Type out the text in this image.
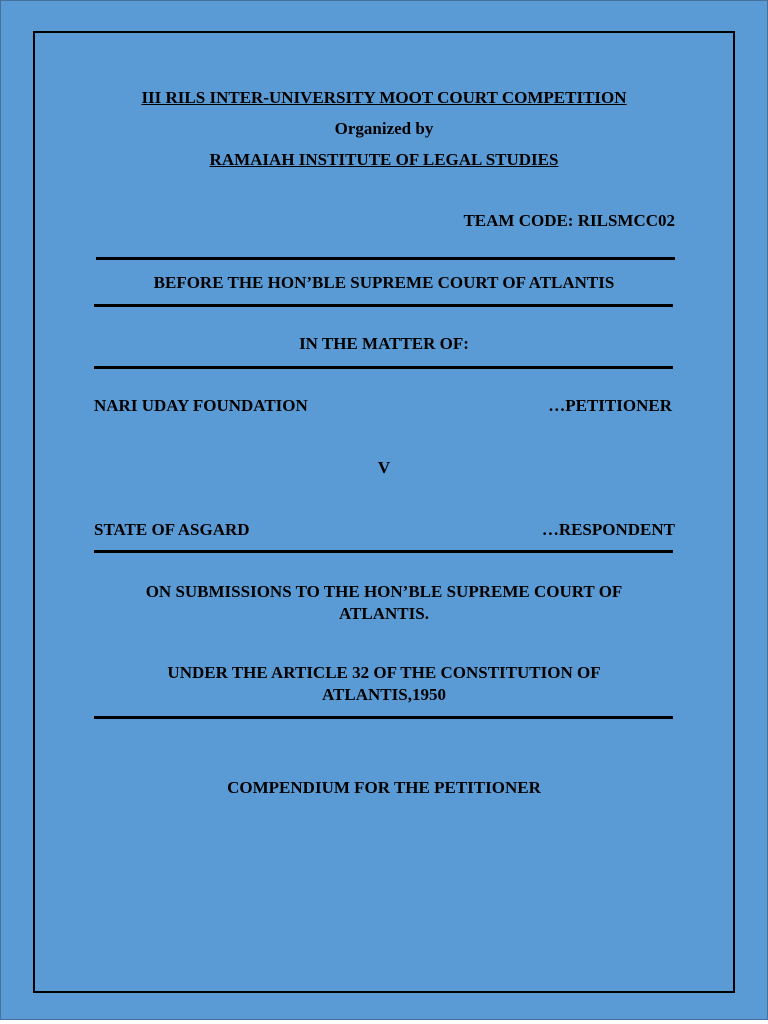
III RILS INTER-UNIVERSITY MOOT COURT COMPETITION
Organized by
RAMAIAH INSTITUTE OF LEGAL STUDIES
TEAM CODE: RILSMCC02
BEFORE THE HON’BLE SUPREME COURT OF ATLANTIS
IN THE MATTER OF:
NARI UDAY FOUNDATION	…PETITIONER
V
STATE OF ASGARD	…RESPONDENT
ON SUBMISSIONS TO THE HON’BLE SUPREME COURT OF ATLANTIS.
UNDER THE ARTICLE 32 OF THE CONSTITUTION OF ATLANTIS,1950
COMPENDIUM FOR THE PETITIONER
